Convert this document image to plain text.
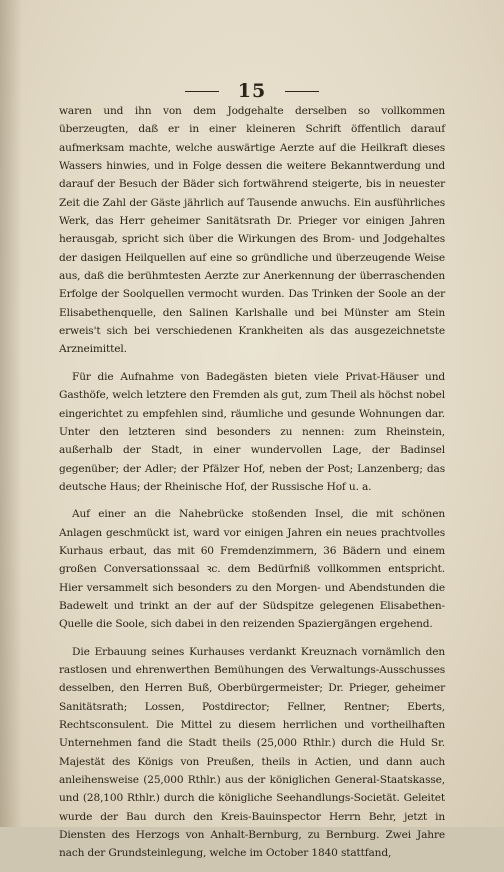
15

waren und ihn von dem Jodgehalte derselben so vollkommen überzeugten, daß er in einer kleineren Schrift öffentlich darauf aufmerksam machte, welche auswärtige Aerzte auf die Heilkraft dieses Wassers hinwies, und in Folge dessen die weitere Bekanntwerdung und darauf der Besuch der Bäder sich fortwährend steigerte, bis in neuester Zeit die Zahl der Gäste jährlich auf Tausende anwuchs. Ein ausführliches Werk, das Herr geheimer Sanitätsrath Dr. Prieger vor einigen Jahren herausgab, spricht sich über die Wirkungen des Brom- und Jodgehaltes der dasigen Heilquellen auf eine so gründliche und überzeugende Weise aus, daß die berühmtesten Aerzte zur Anerkennung der überraschenden Erfolge der Soolquellen vermocht wurden. Das Trinken der Soole an der Elisabethenquelle, den Salinen Karlshalle und bei Münster am Stein erweis't sich bei verschiedenen Krankheiten als das ausgezeichnetste Arzneimittel.

Für die Aufnahme von Badegästen bieten viele Privat-Häuser und Gasthöfe, welch letztere den Fremden als gut, zum Theil als höchst nobel eingerichtet zu empfehlen sind, räumliche und gesunde Wohnungen dar. Unter den letzteren sind besonders zu nennen: zum Rheinstein, außerhalb der Stadt, in einer wundervollen Lage, der Badinsel gegenüber; der Adler; der Pfälzer Hof, neben der Post; Lanzenberg; das deutsche Haus; der Rheinische Hof, der Russische Hof u. a.

Auf einer an die Nahebrücke stoßenden Insel, die mit schönen Anlagen geschmückt ist, ward vor einigen Jahren ein neues prachtvolles Kurhaus erbaut, das mit 60 Fremdenzimmern, 36 Bädern und einem großen Conversationssaal ꝛc. dem Bedürfniß vollkommen entspricht. Hier versammelt sich besonders zu den Morgen- und Abendstunden die Badewelt und trinkt an der auf der Südspitze gelegenen Elisabethen-Quelle die Soole, sich dabei in den reizenden Spaziergängen ergehend.

Die Erbauung seines Kurhauses verdankt Kreuznach vornämlich den rastlosen und ehrenwerthen Bemühungen des Verwaltungs-Ausschusses desselben, den Herren Buß, Oberbürgermeister; Dr. Prieger, geheimer Sanitätsrath; Lossen, Postdirector; Fellner, Rentner; Eberts, Rechtsconsulent. Die Mittel zu diesem herrlichen und vortheilhaften Unternehmen fand die Stadt theils (25,000 Rthlr.) durch die Huld Sr. Majestät des Königs von Preußen, theils in Actien, und dann auch anleihensweise (25,000 Rthlr.) aus der königlichen General-Staatskasse, und (28,100 Rthlr.) durch die königliche Seehandlungs-Societät. Geleitet wurde der Bau durch den Kreis-Bauinspector Herrn Behr, jetzt in Diensten des Herzogs von Anhalt-Bernburg, zu Bernburg. Zwei Jahre nach der Grundsteinlegung, welche im October 1840 stattfand,
